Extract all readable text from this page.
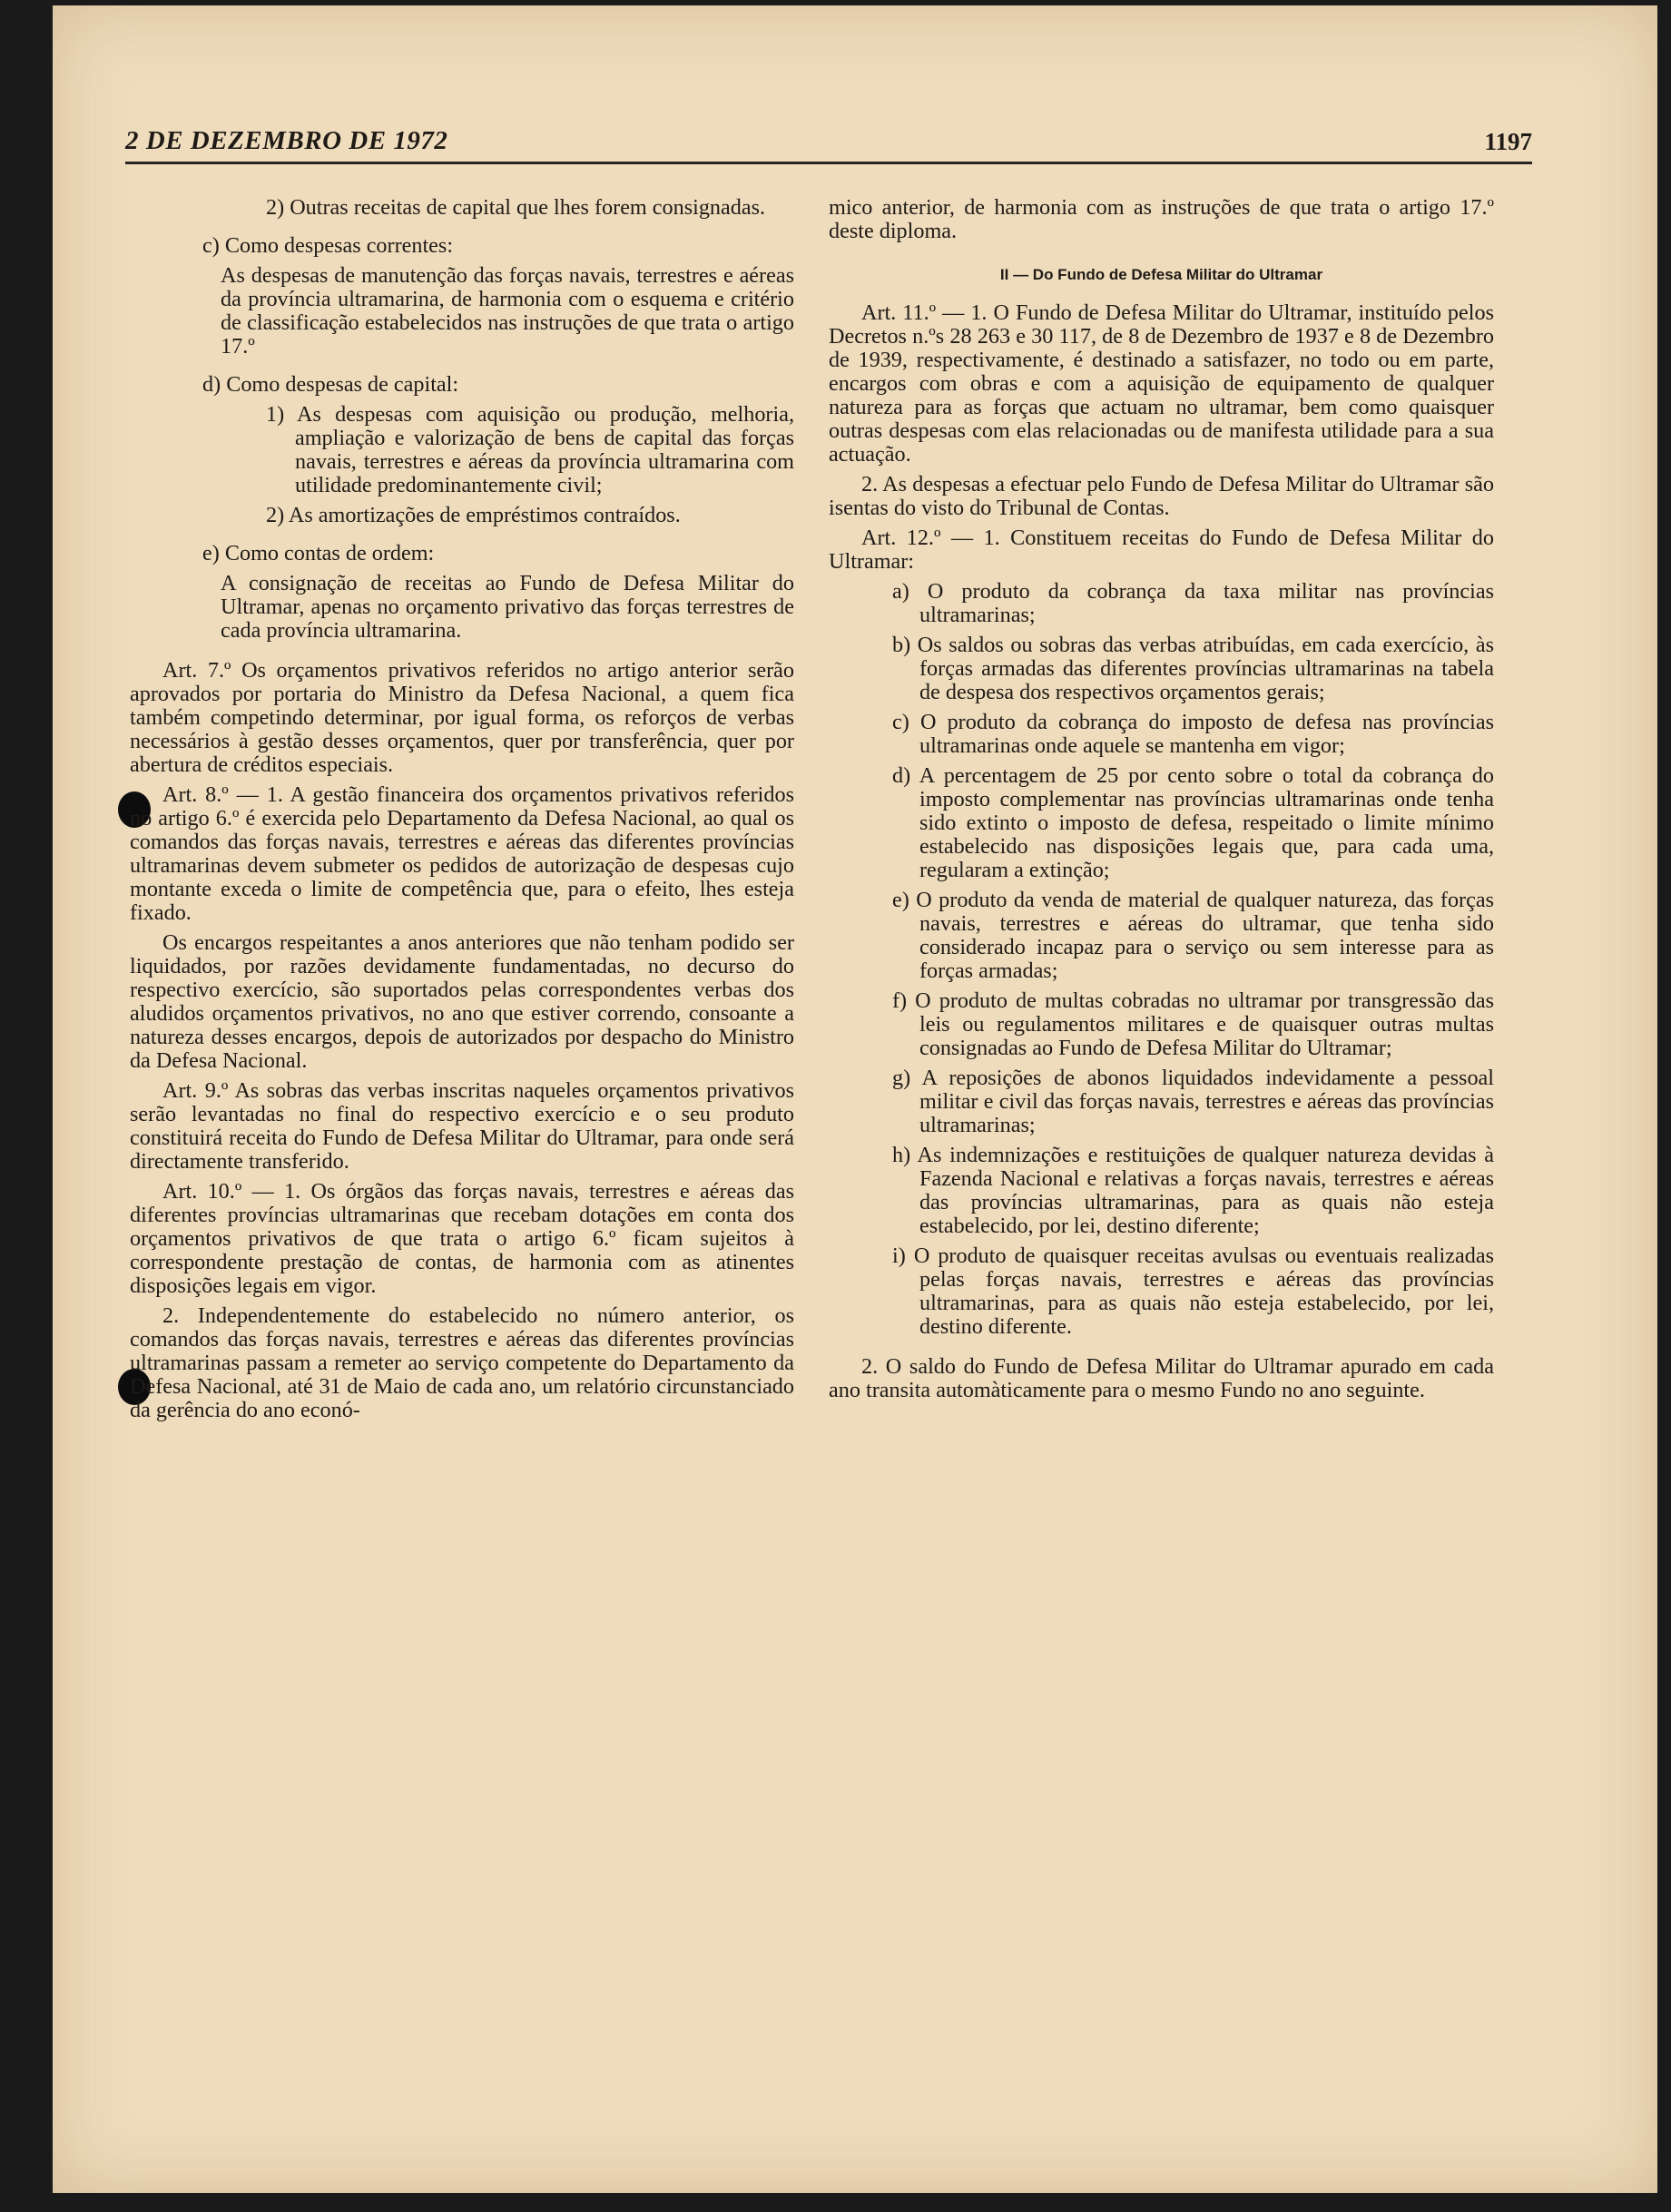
2 DE DEZEMBRO DE 1972	1197

2) Outras receitas de capital que lhes forem consignadas.

c) Como despesas correntes:

As despesas de manutenção das forças navais, terrestres e aéreas da província ultramarina, de harmonia com o esquema e critério de classificação estabelecidos nas instruções de que trata o artigo 17.º

d) Como despesas de capital:

1) As despesas com aquisição ou produção, melhoria, ampliação e valorização de bens de capital das forças navais, terrestres e aéreas da província ultramarina com utilidade predominantemente civil;

2) As amortizações de empréstimos contraídos.

e) Como contas de ordem:

A consignação de receitas ao Fundo de Defesa Militar do Ultramar, apenas no orçamento privativo das forças terrestres de cada província ultramarina.

Art. 7.º Os orçamentos privativos referidos no artigo anterior serão aprovados por portaria do Ministro da Defesa Nacional, a quem fica também competindo determinar, por igual forma, os reforços de verbas necessários à gestão desses orçamentos, quer por transferência, quer por abertura de créditos especiais.

Art. 8.º — 1. A gestão financeira dos orçamentos privativos referidos no artigo 6.º é exercida pelo Departamento da Defesa Nacional, ao qual os comandos das forças navais, terrestres e aéreas das diferentes províncias ultramarinas devem submeter os pedidos de autorização de despesas cujo montante exceda o limite de competência que, para o efeito, lhes esteja fixado.

Os encargos respeitantes a anos anteriores que não tenham podido ser liquidados, por razões devidamente fundamentadas, no decurso do respectivo exercício, são suportados pelas correspondentes verbas dos aludidos orçamentos privativos, no ano que estiver correndo, consoante a natureza desses encargos, depois de autorizados por despacho do Ministro da Defesa Nacional.

Art. 9.º As sobras das verbas inscritas naqueles orçamentos privativos serão levantadas no final do respectivo exercício e o seu produto constituirá receita do Fundo de Defesa Militar do Ultramar, para onde será directamente transferido.

Art. 10.º — 1. Os órgãos das forças navais, terrestres e aéreas das diferentes províncias ultramarinas que recebam dotações em conta dos orçamentos privativos de que trata o artigo 6.º ficam sujeitos à correspondente prestação de contas, de harmonia com as atinentes disposições legais em vigor.

2. Independentemente do estabelecido no número anterior, os comandos das forças navais, terrestres e aéreas das diferentes províncias ultramarinas passam a remeter ao serviço competente do Departamento da Defesa Nacional, até 31 de Maio de cada ano, um relatório circunstanciado da gerência do ano econó-

mico anterior, de harmonia com as instruções de que trata o artigo 17.º deste diploma.

II — Do Fundo de Defesa Militar do Ultramar

Art. 11.º — 1. O Fundo de Defesa Militar do Ultramar, instituído pelos Decretos n.ºs 28 263 e 30 117, de 8 de Dezembro de 1937 e 8 de Dezembro de 1939, respectivamente, é destinado a satisfazer, no todo ou em parte, encargos com obras e com a aquisição de equipamento de qualquer natureza para as forças que actuam no ultramar, bem como quaisquer outras despesas com elas relacionadas ou de manifesta utilidade para a sua actuação.

2. As despesas a efectuar pelo Fundo de Defesa Militar do Ultramar são isentas do visto do Tribunal de Contas.

Art. 12.º — 1. Constituem receitas do Fundo de Defesa Militar do Ultramar:

a) O produto da cobrança da taxa militar nas províncias ultramarinas;

b) Os saldos ou sobras das verbas atribuídas, em cada exercício, às forças armadas das diferentes províncias ultramarinas na tabela de despesa dos respectivos orçamentos gerais;

c) O produto da cobrança do imposto de defesa nas províncias ultramarinas onde aquele se mantenha em vigor;

d) A percentagem de 25 por cento sobre o total da cobrança do imposto complementar nas províncias ultramarinas onde tenha sido extinto o imposto de defesa, respeitado o limite mínimo estabelecido nas disposições legais que, para cada uma, regularam a extinção;

e) O produto da venda de material de qualquer natureza, das forças navais, terrestres e aéreas do ultramar, que tenha sido considerado incapaz para o serviço ou sem interesse para as forças armadas;

f) O produto de multas cobradas no ultramar por transgressão das leis ou regulamentos militares e de quaisquer outras multas consignadas ao Fundo de Defesa Militar do Ultramar;

g) A reposições de abonos liquidados indevidamente a pessoal militar e civil das forças navais, terrestres e aéreas das províncias ultramarinas;

h) As indemnizações e restituições de qualquer natureza devidas à Fazenda Nacional e relativas a forças navais, terrestres e aéreas das províncias ultramarinas, para as quais não esteja estabelecido, por lei, destino diferente;

i) O produto de quaisquer receitas avulsas ou eventuais realizadas pelas forças navais, terrestres e aéreas das províncias ultramarinas, para as quais não esteja estabelecido, por lei, destino diferente.

2. O saldo do Fundo de Defesa Militar do Ultramar apurado em cada ano transita automàticamente para o mesmo Fundo no ano seguinte.
